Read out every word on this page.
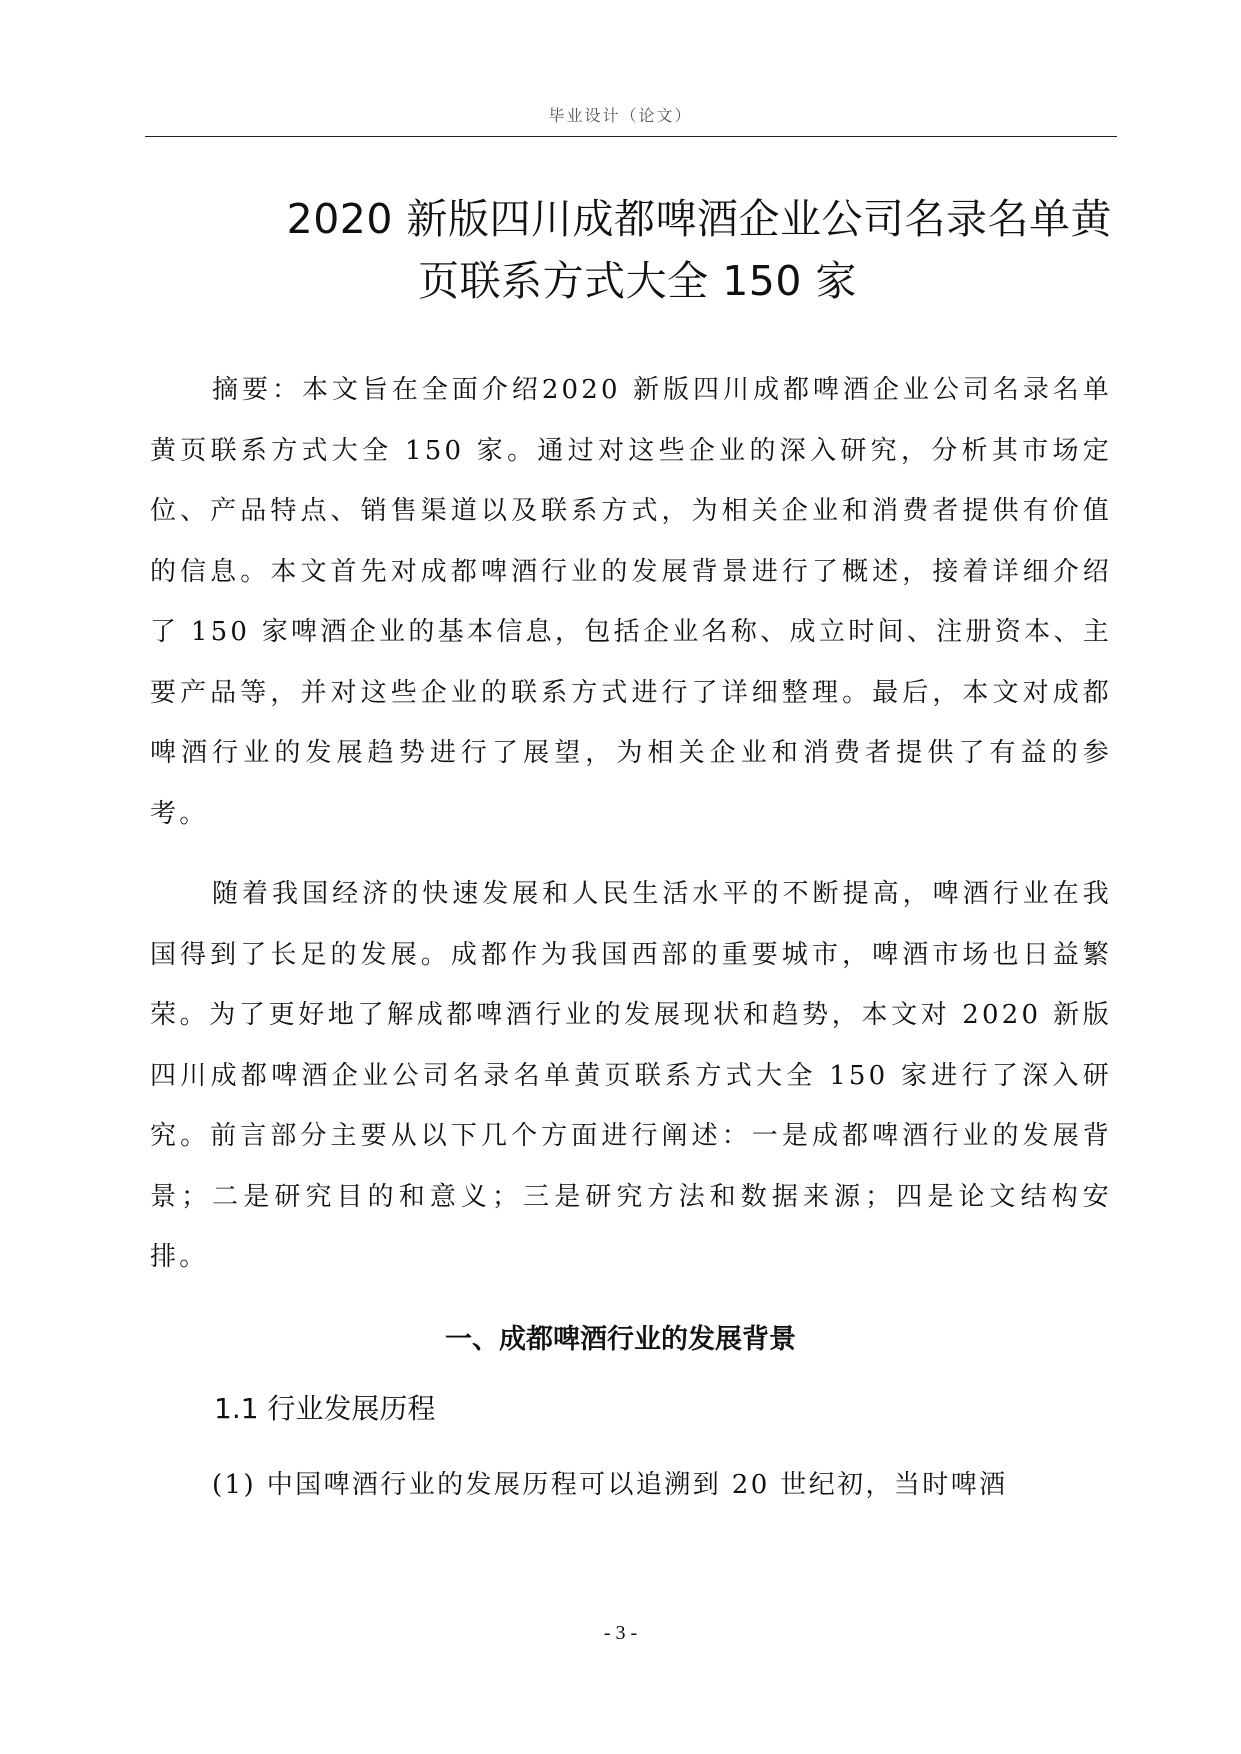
毕业设计（论文）
2020 新版四川成都啤酒企业公司名录名单黄
页联系方式大全 150 家

摘要：本文旨在全面介绍2020 新版四川成都啤酒企业公司名录名单黄页联系方式大全 150 家。通过对这些企业的深入研究，分析其市场定位、产品特点、销售渠道以及联系方式，为相关企业和消费者提供有价值的信息。本文首先对成都啤酒行业的发展背景进行了概述，接着详细介绍了 150 家啤酒企业的基本信息，包括企业名称、成立时间、注册资本、主要产品等，并对这些企业的联系方式进行了详细整理。最后，本文对成都啤酒行业的发展趋势进行了展望，为相关企业和消费者提供了有益的参考。

随着我国经济的快速发展和人民生活水平的不断提高，啤酒行业在我国得到了长足的发展。成都作为我国西部的重要城市，啤酒市场也日益繁荣。为了更好地了解成都啤酒行业的发展现状和趋势，本文对 2020 新版四川成都啤酒企业公司名录名单黄页联系方式大全 150 家进行了深入研究。前言部分主要从以下几个方面进行阐述：一是成都啤酒行业的发展背景；二是研究目的和意义；三是研究方法和数据来源；四是论文结构安排。

一、成都啤酒行业的发展背景
1.1 行业发展历程

(1) 中国啤酒行业的发展历程可以追溯到 20 世纪初，当时啤酒

- 3 -
